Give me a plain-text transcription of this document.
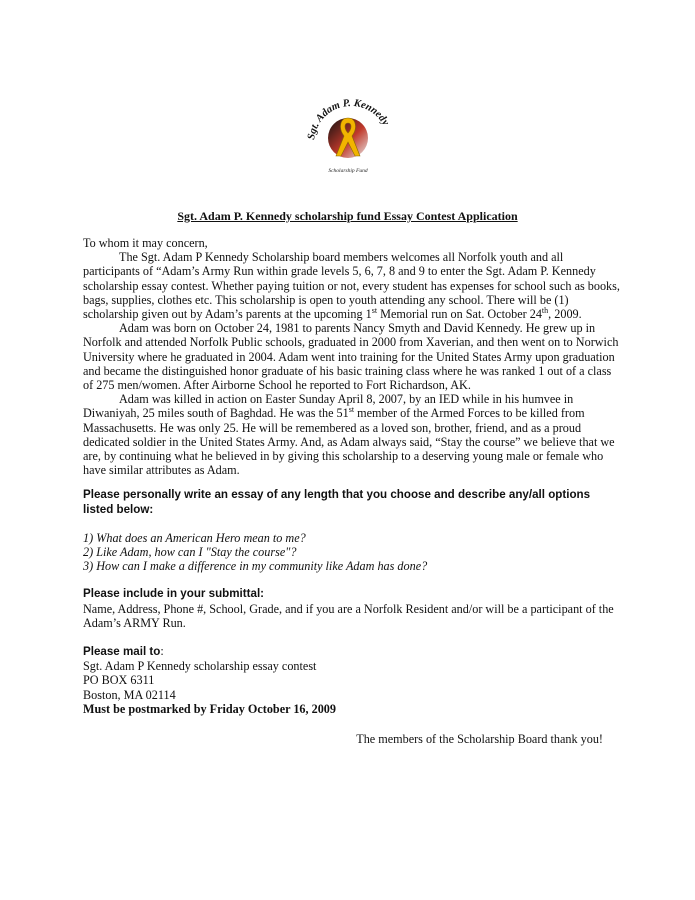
Sgt. Adam P. Kennedy
Scholarship Fund
Sgt. Adam P. Kennedy scholarship fund Essay Contest Application

To whom it may concern,

The Sgt. Adam P Kennedy Scholarship board members welcomes all Norfolk youth and all participants of “Adam’s Army Run within grade levels 5, 6, 7, 8 and 9 to enter the Sgt. Adam P. Kennedy scholarship essay contest. Whether paying tuition or not, every student has expenses for school such as books, bags, supplies, clothes etc. This scholarship is open to youth attending any school. There will be (1) scholarship given out by Adam’s parents at the upcoming 1st Memorial run on Sat. October 24th, 2009.

Adam was born on October 24, 1981 to parents Nancy Smyth and David Kennedy. He grew up in Norfolk and attended Norfolk Public schools, graduated in 2000 from Xaverian, and then went on to Norwich University where he graduated in 2004. Adam went into training for the United States Army upon graduation and became the distinguished honor graduate of his basic training class where he was ranked 1 out of a class of 275 men/women. After Airborne School he reported to Fort Richardson, AK.

Adam was killed in action on Easter Sunday April 8, 2007, by an IED while in his humvee in Diwaniyah, 25 miles south of Baghdad. He was the 51st member of the Armed Forces to be killed from Massachusetts. He was only 25. He will be remembered as a loved son, brother, friend, and as a proud dedicated soldier in the United States Army. And, as Adam always said, “Stay the course” we believe that we are, by continuing what he believed in by giving this scholarship to a deserving young male or female who have similar attributes as Adam.

Please personally write an essay of any length that you choose and describe any/all options listed below:

1) What does an American Hero mean to me?

2) Like Adam, how can I "Stay the course"?

3) How can I make a difference in my community like Adam has done?

Please include in your submittal:

Name, Address, Phone #, School, Grade, and if you are a Norfolk Resident and/or will be a participant of the Adam’s ARMY Run.

Please mail to:

Sgt. Adam P Kennedy scholarship essay contest

PO BOX 6311

Boston, MA 02114

Must be postmarked by Friday October 16, 2009

The members of the Scholarship Board thank you!
